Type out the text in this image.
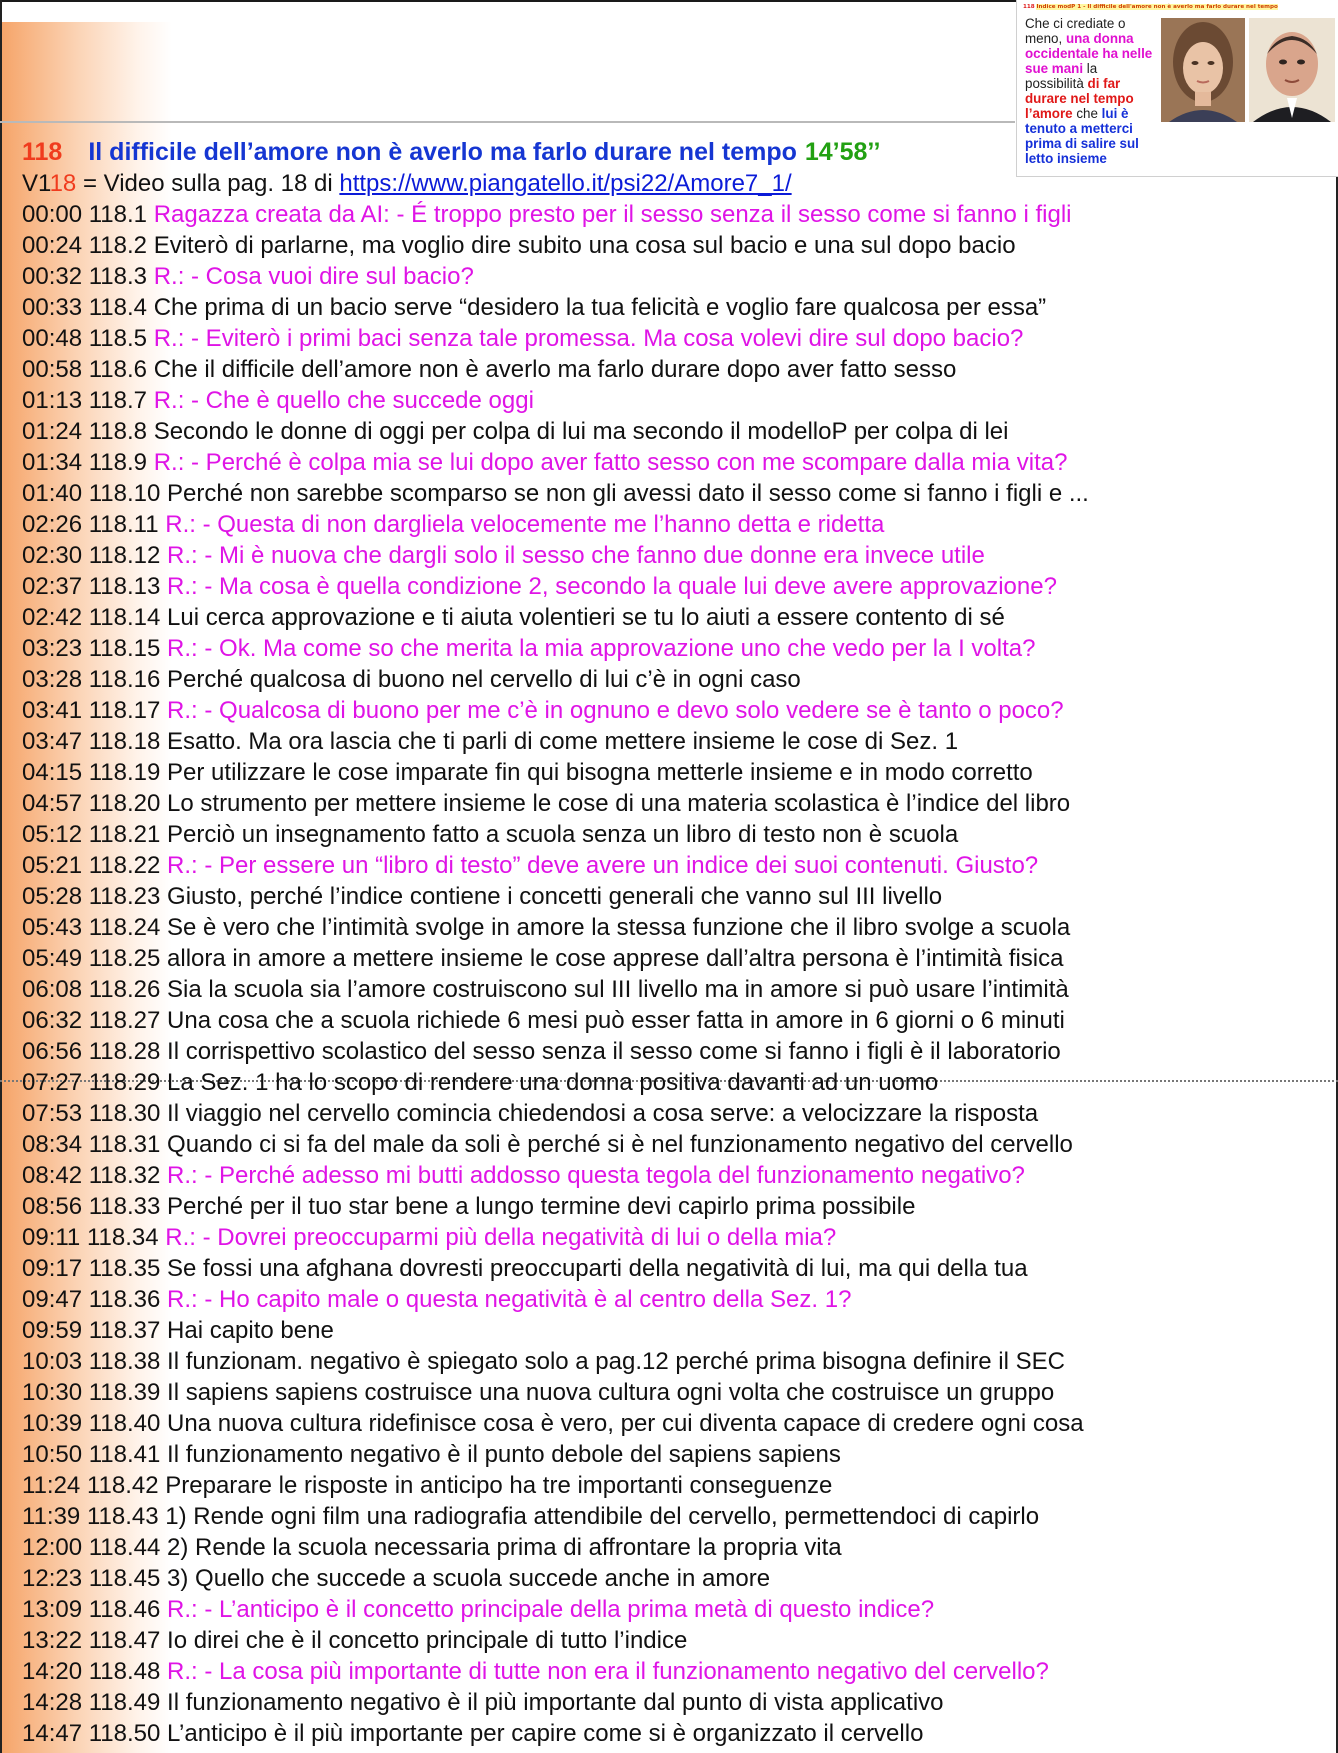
118 Indice modP 1 - Il difficile dell'amore non è averlo ma farlo durare nel tempo
Che ci crediate o meno, una donna occidentale ha nelle sue mani la possibilità di far durare nel tempo l’amore che lui è tenuto a metterci prima di salire sul letto insieme
118 Il difficile dell’amore non è averlo ma farlo durare nel tempo 14’58’’
V118 = Video sulla pag. 18 di https://www.piangatello.it/psi22/Amore7_1/
00:00 118.1 Ragazza creata da AI: - É troppo presto per il sesso senza il sesso come si fanno i figli
00:24 118.2 Eviterò di parlarne, ma voglio dire subito una cosa sul bacio e una sul dopo bacio
00:32 118.3 R.: - Cosa vuoi dire sul bacio?
00:33 118.4 Che prima di un bacio serve “desidero la tua felicità e voglio fare qualcosa per essa”
00:48 118.5 R.: - Eviterò i primi baci senza tale promessa. Ma cosa volevi dire sul dopo bacio?
00:58 118.6 Che il difficile dell’amore non è averlo ma farlo durare dopo aver fatto sesso
01:13 118.7 R.: - Che è quello che succede oggi
01:24 118.8 Secondo le donne di oggi per colpa di lui ma secondo il modelloP per colpa di lei
01:34 118.9 R.: - Perché è colpa mia se lui dopo aver fatto sesso con me scompare dalla mia vita?
01:40 118.10 Perché non sarebbe scomparso se non gli avessi dato il sesso come si fanno i figli e ...
02:26 118.11 R.: - Questa di non dargliela velocemente me l’hanno detta e ridetta
02:30 118.12 R.: - Mi è nuova che dargli solo il sesso che fanno due donne era invece utile
02:37 118.13 R.: - Ma cosa è quella condizione 2, secondo la quale lui deve avere approvazione?
02:42 118.14 Lui cerca approvazione e ti aiuta volentieri se tu lo aiuti a essere contento di sé
03:23 118.15 R.: - Ok. Ma come so che merita la mia approvazione uno che vedo per la I volta?
03:28 118.16 Perché qualcosa di buono nel cervello di lui c’è in ogni caso
03:41 118.17 R.: - Qualcosa di buono per me c’è in ognuno e devo solo vedere se è tanto o poco?
03:47 118.18 Esatto. Ma ora lascia che ti parli di come mettere insieme le cose di Sez. 1
04:15 118.19 Per utilizzare le cose imparate fin qui bisogna metterle insieme e in modo corretto
04:57 118.20 Lo strumento per mettere insieme le cose di una materia scolastica è l’indice del libro
05:12 118.21 Perciò un insegnamento fatto a scuola senza un libro di testo non è scuola
05:21 118.22 R.: - Per essere un “libro di testo” deve avere un indice dei suoi contenuti. Giusto?
05:28 118.23 Giusto, perché l’indice contiene i concetti generali che vanno sul III livello
05:43 118.24 Se è vero che l’intimità svolge in amore la stessa funzione che il libro svolge a scuola
05:49 118.25 allora in amore a mettere insieme le cose apprese dall’altra persona è l’intimità fisica
06:08 118.26 Sia la scuola sia l’amore costruiscono sul III livello ma in amore si può usare l’intimità
06:32 118.27 Una cosa che a scuola richiede 6 mesi può esser fatta in amore in 6 giorni o 6 minuti
06:56 118.28 Il corrispettivo scolastico del sesso senza il sesso come si fanno i figli è il laboratorio
07:27 118.29 La Sez. 1 ha lo scopo di rendere una donna positiva davanti ad un uomo
07:53 118.30 Il viaggio nel cervello comincia chiedendosi a cosa serve: a velocizzare la risposta
08:34 118.31 Quando ci si fa del male da soli è perché si è nel funzionamento negativo del cervello
08:42 118.32 R.: - Perché adesso mi butti addosso questa tegola del funzionamento negativo?
08:56 118.33 Perché per il tuo star bene a lungo termine devi capirlo prima possibile
09:11 118.34 R.: - Dovrei preoccuparmi più della negatività di lui o della mia?
09:17 118.35 Se fossi una afghana dovresti preoccuparti della negatività di lui, ma qui della tua
09:47 118.36 R.: - Ho capito male o questa negatività è al centro della Sez. 1?
09:59 118.37 Hai capito bene
10:03 118.38 Il funzionam. negativo è spiegato solo a pag.12 perché prima bisogna definire il SEC
10:30 118.39 Il sapiens sapiens costruisce una nuova cultura ogni volta che costruisce un gruppo
10:39 118.40 Una nuova cultura ridefinisce cosa è vero, per cui diventa capace di credere ogni cosa
10:50 118.41 Il funzionamento negativo è il punto debole del sapiens sapiens
11:24 118.42 Preparare le risposte in anticipo ha tre importanti conseguenze
11:39 118.43 1) Rende ogni film una radiografia attendibile del cervello, permettendoci di capirlo
12:00 118.44 2) Rende la scuola necessaria prima di affrontare la propria vita
12:23 118.45 3) Quello che succede a scuola succede anche in amore
13:09 118.46 R.: - L’anticipo è il concetto principale della prima metà di questo indice?
13:22 118.47 Io direi che è il concetto principale di tutto l’indice
14:20 118.48 R.: - La cosa più importante di tutte non era il funzionamento negativo del cervello?
14:28 118.49 Il funzionamento negativo è il più importante dal punto di vista applicativo
14:47 118.50 L’anticipo è il più importante per capire come si è organizzato il cervello
